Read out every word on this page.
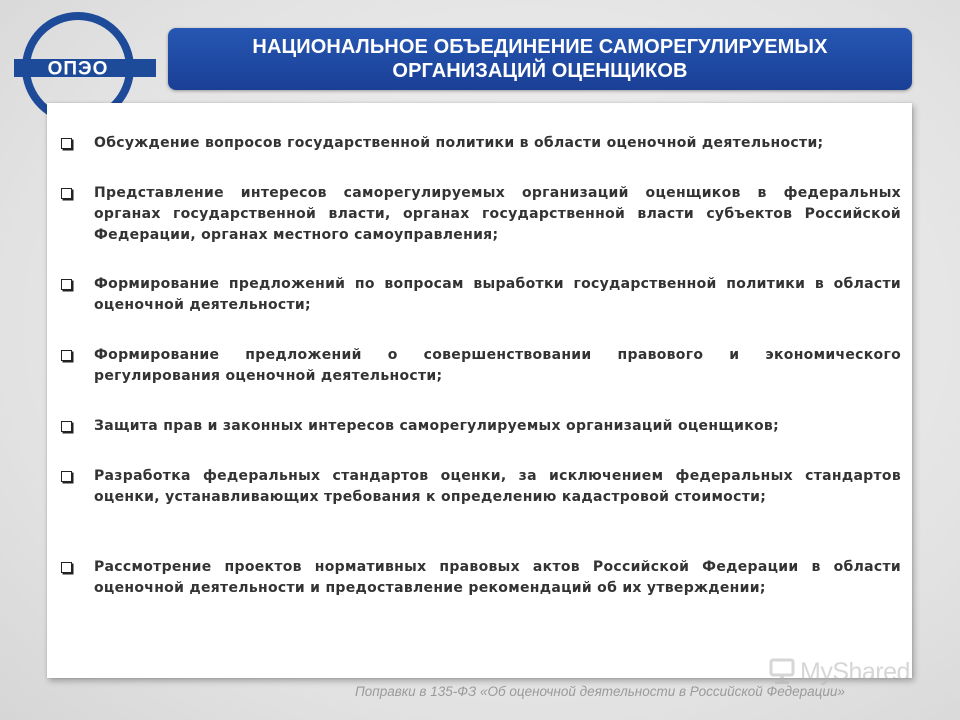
ОПЭО
НАЦИОНАЛЬНОЕ ОБЪЕДИНЕНИЕ САМОРЕГУЛИРУЕМЫХ
ОРГАНИЗАЦИЙ ОЦЕНЩИКОВ
Обсуждение вопросов государственной политики в области оценочной деятельности;
Представление интересов саморегулируемых организаций оценщиков в федеральных органах государственной власти, органах государственной власти субъектов Российской Федерации, органах местного самоуправления;
Формирование предложений по вопросам выработки государственной политики в области оценочной деятельности;
Формирование предложений о совершенствовании правового и экономического регулирования оценочной деятельности;
Защита прав и законных интересов саморегулируемых организаций оценщиков;
Разработка федеральных стандартов оценки, за исключением федеральных стандартов оценки, устанавливающих требования к определению кадастровой стоимости;
Рассмотрение проектов нормативных правовых актов Российской Федерации в области оценочной деятельности и предоставление рекомендаций об их утверждении;
Поправки в 135-ФЗ «Об оценочной деятельности в Российской Федерации»
MyShared
